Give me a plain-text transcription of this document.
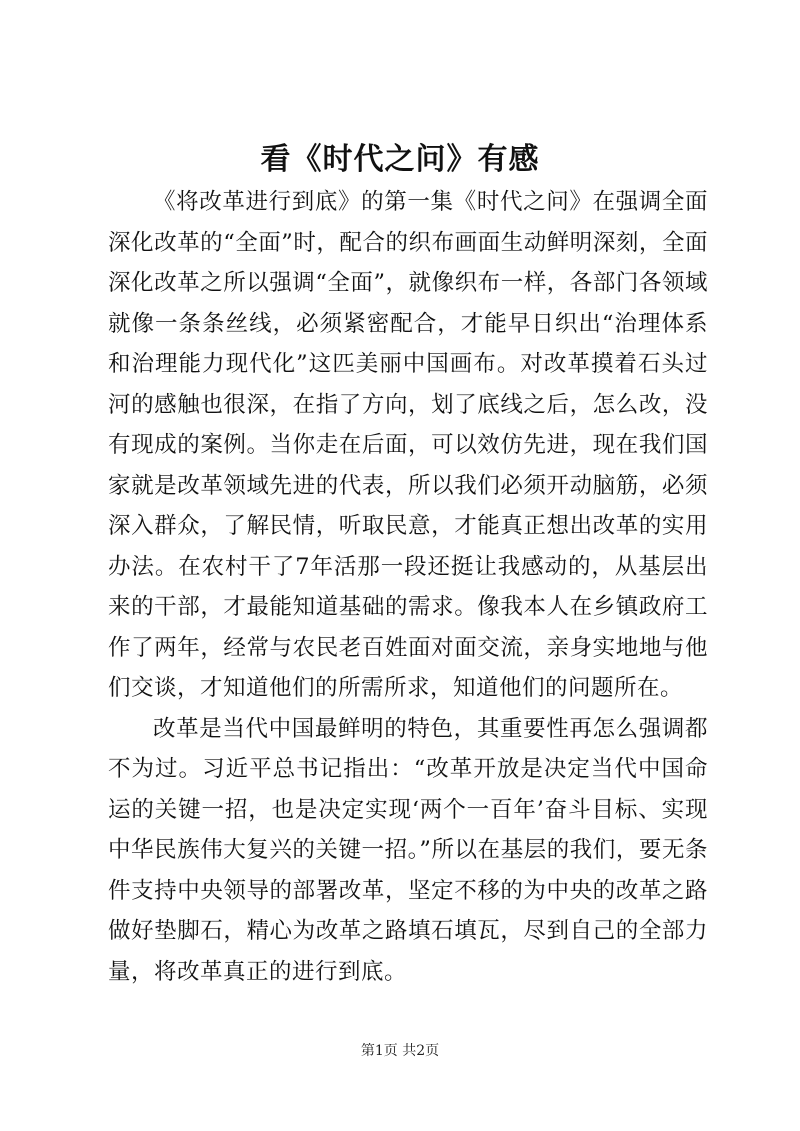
看《时代之问》有感

《将改革进行到底》的第一集《时代之问》在强调全面深化改革的“全面”时，配合的织布画面生动鲜明深刻，全面深化改革之所以强调“全面”，就像织布一样，各部门各领域就像一条条丝线，必须紧密配合，才能早日织出“治理体系和治理能力现代化”这匹美丽中国画布。对改革摸着石头过河的感触也很深，在指了方向，划了底线之后，怎么改，没有现成的案例。当你走在后面，可以效仿先进，现在我们国家就是改革领域先进的代表，所以我们必须开动脑筋，必须深入群众，了解民情，听取民意，才能真正想出改革的实用办法。在农村干了7年活那一段还挺让我感动的，从基层出来的干部，才最能知道基础的需求。像我本人在乡镇政府工作了两年，经常与农民老百姓面对面交流，亲身实地地与他们交谈，才知道他们的所需所求，知道他们的问题所在。

改革是当代中国最鲜明的特色，其重要性再怎么强调都不为过。习近平总书记指出：“改革开放是决定当代中国命运的关键一招，也是决定实现‘两个一百年’奋斗目标、实现中华民族伟大复兴的关键一招。”所以在基层的我们，要无条件支持中央领导的部署改革，坚定不移的为中央的改革之路做好垫脚石，精心为改革之路填石填瓦，尽到自己的全部力量，将改革真正的进行到底。

第1页 共2页
